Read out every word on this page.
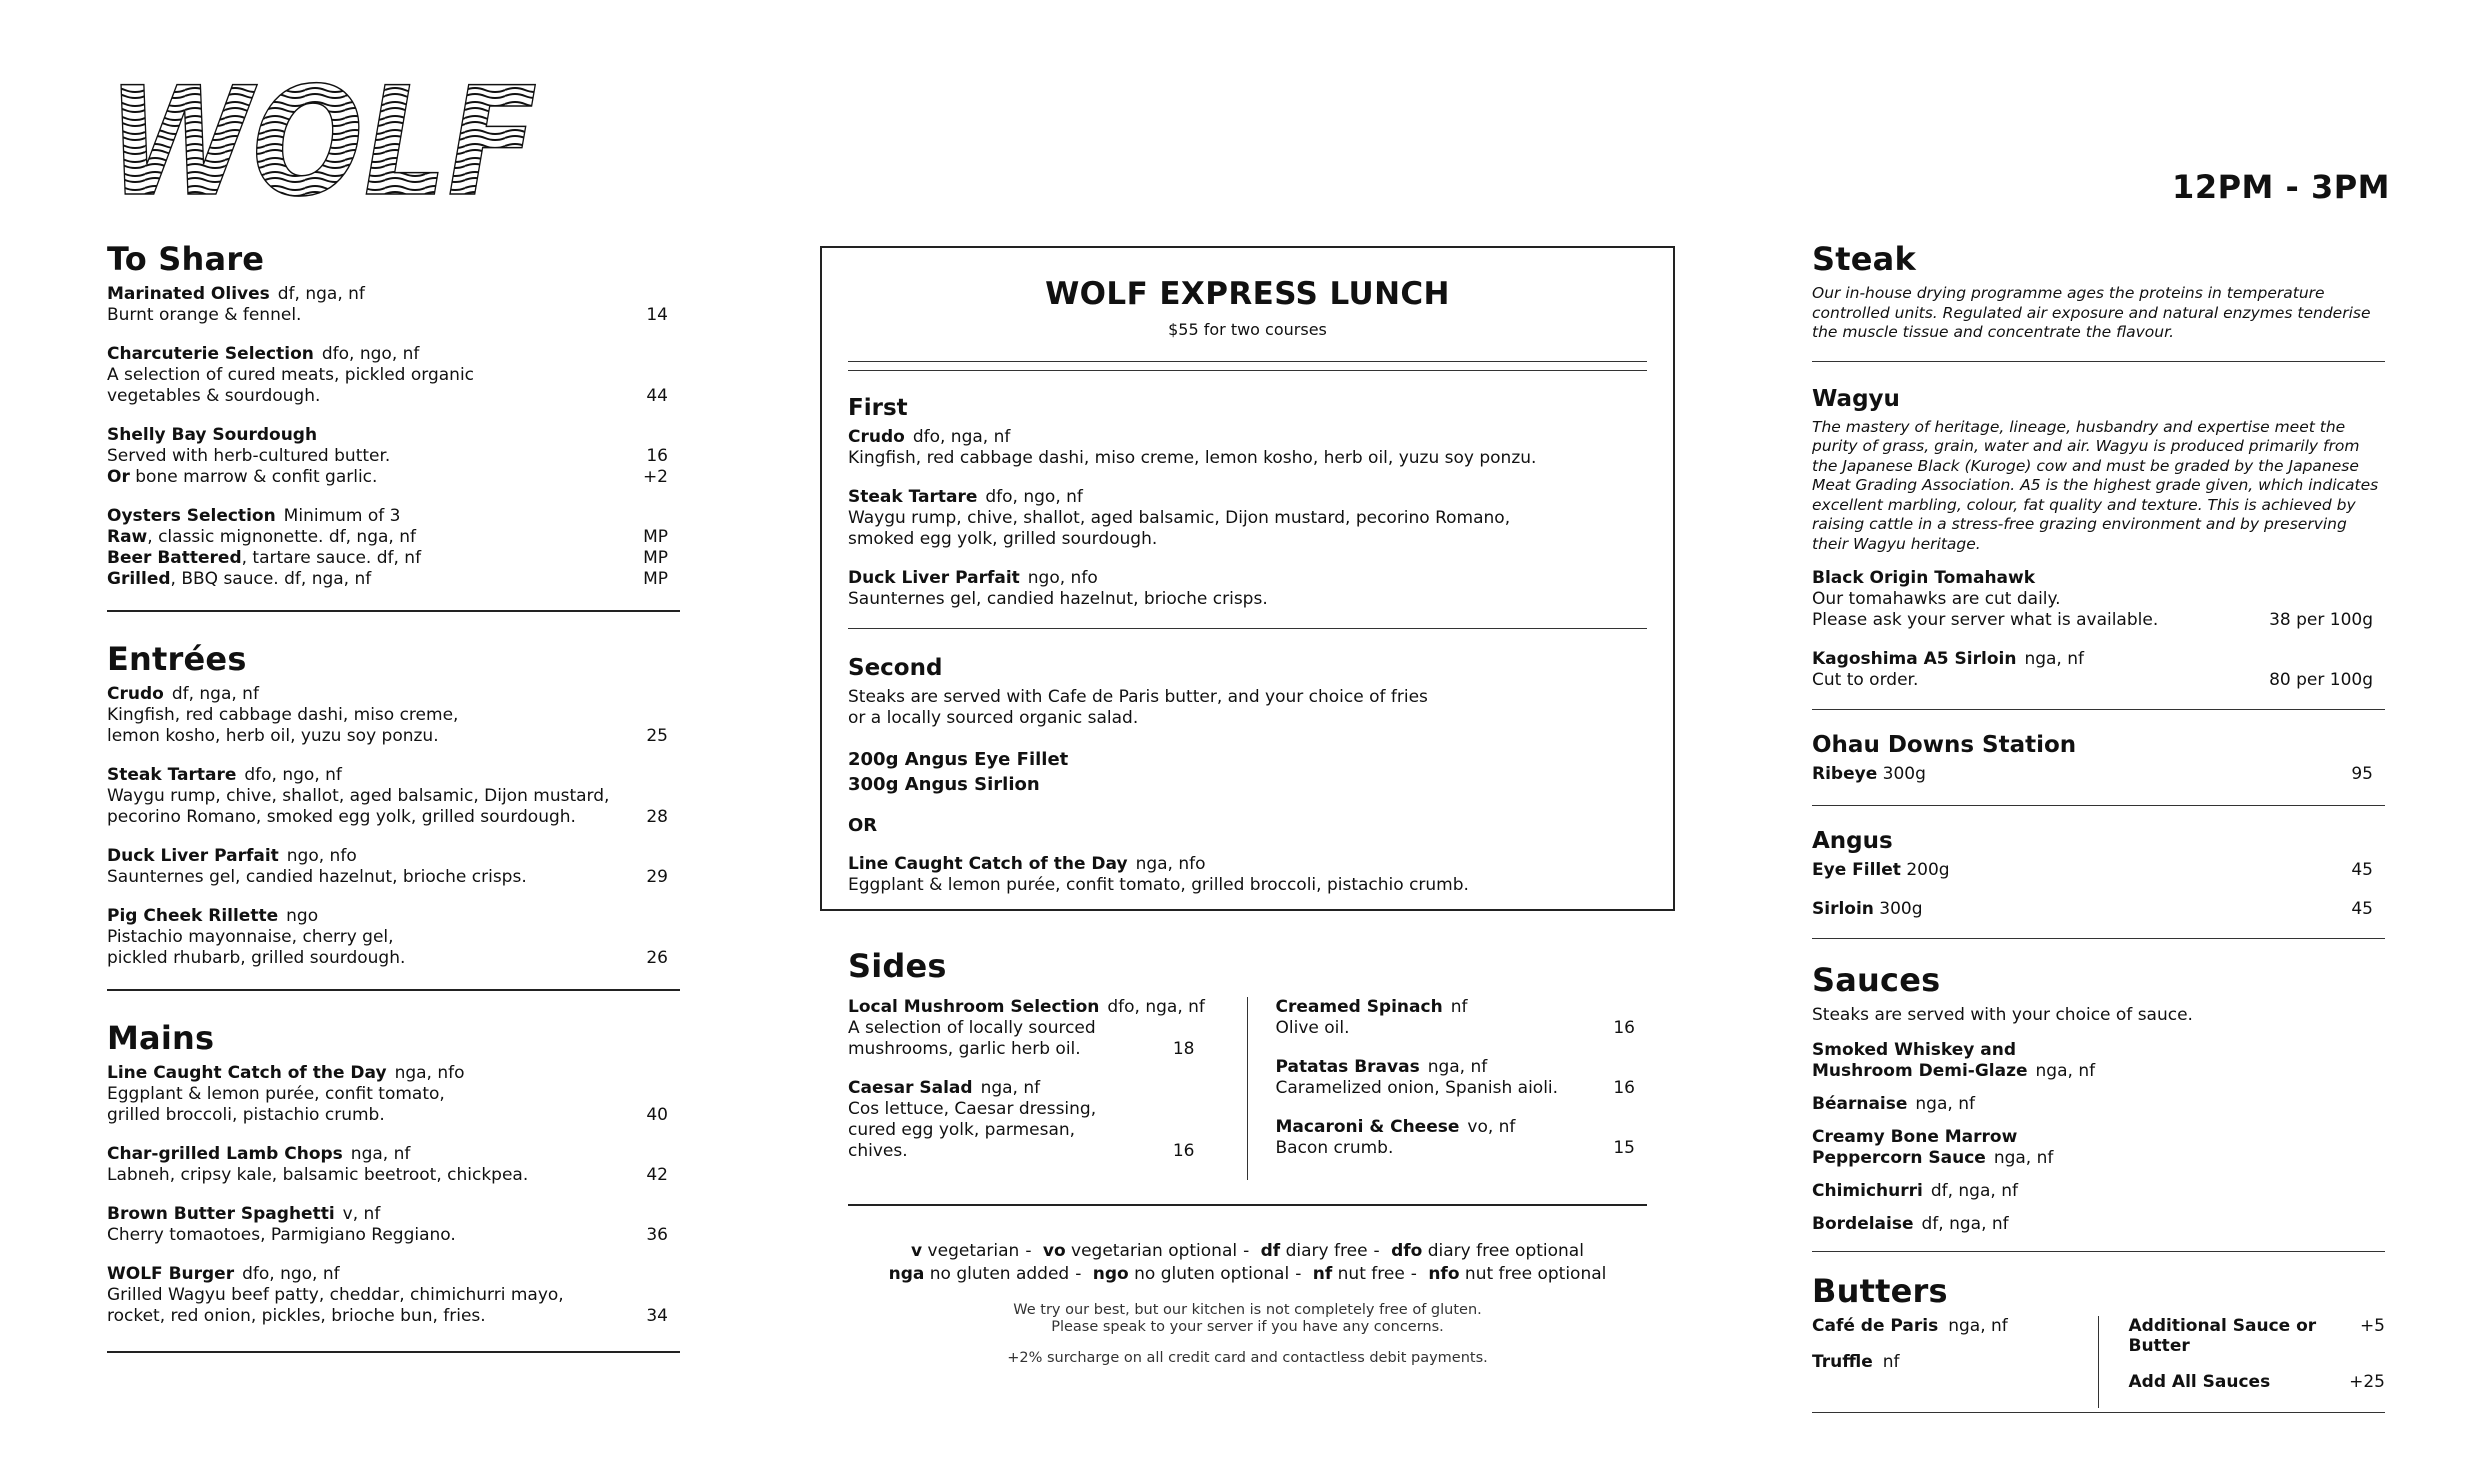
WOLF	12PM - 3PM
To Share
Marinated Olives df, nga, nf
Burnt orange & fennel.	14
Charcuterie Selection dfo, ngo, nf
A selection of cured meats, pickled organic
vegetables & sourdough.	44
Shelly Bay Sourdough
Served with herb-cultured butter.	16
Or bone marrow & confit garlic.	+2
Oysters Selection Minimum of 3
Raw, classic mignonette. df, nga, nf	MP
Beer Battered, tartare sauce. df, nf	MP
Grilled, BBQ sauce. df, nga, nf	MP
Entrées
Crudo df, nga, nf
Kingfish, red cabbage dashi, miso creme,
lemon kosho, herb oil, yuzu soy ponzu.	25
Steak Tartare dfo, ngo, nf
Waygu rump, chive, shallot, aged balsamic, Dijon mustard,
pecorino Romano, smoked egg yolk, grilled sourdough.	28
Duck Liver Parfait ngo, nfo
Saunternes gel, candied hazelnut, brioche crisps.	29
Pig Cheek Rillette ngo
Pistachio mayonnaise, cherry gel,
pickled rhubarb, grilled sourdough.	26
Mains
Line Caught Catch of the Day nga, nfo
Eggplant & lemon purée, confit tomato,
grilled broccoli, pistachio crumb.	40
Char-grilled Lamb Chops nga, nf
Labneh, cripsy kale, balsamic beetroot, chickpea.	42
Brown Butter Spaghetti v, nf
Cherry tomaotoes, Parmigiano Reggiano.	36
WOLF Burger dfo, ngo, nf
Grilled Wagyu beef patty, cheddar, chimichurri mayo,
rocket, red onion, pickles, brioche bun, fries.	34
WOLF EXPRESS LUNCH
$55 for two courses
First
Crudo dfo, nga, nf
Kingfish, red cabbage dashi, miso creme, lemon kosho, herb oil, yuzu soy ponzu.
Steak Tartare dfo, ngo, nf
Waygu rump, chive, shallot, aged balsamic, Dijon mustard, pecorino Romano,
smoked egg yolk, grilled sourdough.
Duck Liver Parfait ngo, nfo
Saunternes gel, candied hazelnut, brioche crisps.
Second
Steaks are served with Cafe de Paris butter, and your choice of fries
or a locally sourced organic salad.
200g Angus Eye Fillet
300g Angus Sirlion
OR
Line Caught Catch of the Day nga, nfo
Eggplant & lemon purée, confit tomato, grilled broccoli, pistachio crumb.
Sides
Local Mushroom Selection dfo, nga, nf
A selection of locally sourced
mushrooms, garlic herb oil.	18
Caesar Salad nga, nf
Cos lettuce, Caesar dressing,
cured egg yolk, parmesan, chives.	16
Creamed Spinach nf
Olive oil.	16
Patatas Bravas nga, nf
Caramelized onion, Spanish aioli.	16
Macaroni & Cheese vo, nf
Bacon crumb.	15
v vegetarian - vo vegetarian optional - df diary free - dfo diary free optional
nga no gluten added - ngo no gluten optional - nf nut free - nfo nut free optional
We try our best, but our kitchen is not completely free of gluten.
Please speak to your server if you have any concerns.
+2% surcharge on all credit card and contactless debit payments.
Steak
Our in-house drying programme ages the proteins in temperature controlled units. Regulated air exposure and natural enzymes tenderise the muscle tissue and concentrate the flavour.
Wagyu
The mastery of heritage, lineage, husbandry and expertise meet the purity of grass, grain, water and air. Wagyu is produced primarily from the Japanese Black (Kuroge) cow and must be graded by the Japanese Meat Grading Association. A5 is the highest grade given, which indicates excellent marbling, colour, fat quality and texture. This is achieved by raising cattle in a stress-free grazing environment and by preserving their Wagyu heritage.
Black Origin Tomahawk
Our tomahawks are cut daily.
Please ask your server what is available.	38 per 100g
Kagoshima A5 Sirloin nga, nf
Cut to order.	80 per 100g
Ohau Downs Station
Ribeye 300g	95
Angus
Eye Fillet 200g	45
Sirloin 300g	45
Sauces
Steaks are served with your choice of sauce.
Smoked Whiskey and
Mushroom Demi-Glaze nga, nf
Béarnaise nga, nf
Creamy Bone Marrow
Peppercorn Sauce nga, nf
Chimichurri df, nga, nf
Bordelaise df, nga, nf
Butters
Café de Paris nga, nf
Truffle nf
Additional Sauce or Butter
+5
Add All Sauces	+25
